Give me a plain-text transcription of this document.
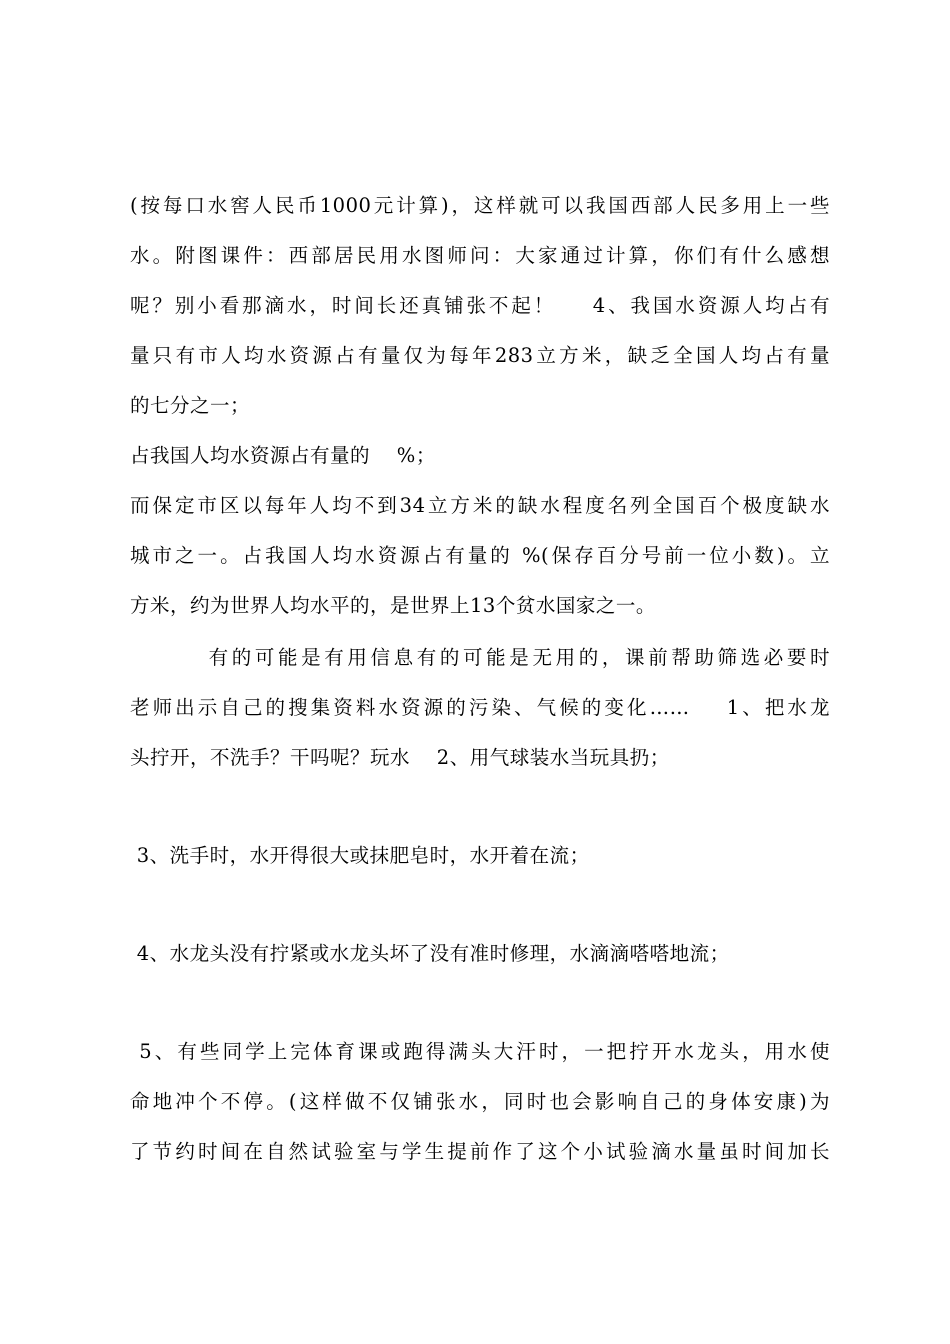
(按每口水窖人民币1000元计算)，这样就可以我国西部人民多用上一些
水。附图课件：西部居民用水图师问：大家通过计算，你们有什么感想
呢？别小看那滴水，时间长还真铺张不起！    4、我国水资源人均占有
量只有市人均水资源占有量仅为每年283立方米，缺乏全国人均占有量
的七分之一；
占我国人均水资源占有量的    %；
而保定市区以每年人均不到34立方米的缺水程度名列全国百个极度缺水
城市之一。占我国人均水资源占有量的 %(保存百分号前一位小数)。立
方米，约为世界人均水平的，是世界上13个贫水国家之一。
有的可能是有用信息有的可能是无用的，课前帮助筛选必要时
老师出示自己的搜集资料水资源的污染、气候的变化……    1、把水龙
头拧开，不洗手？干吗呢？玩水    2、用气球装水当玩具扔；
3、洗手时，水开得很大或抹肥皂时，水开着在流；
4、水龙头没有拧紧或水龙头坏了没有准时修理，水滴滴嗒嗒地流；
5、有些同学上完体育课或跑得满头大汗时，一把拧开水龙头，用水使
命地冲个不停。(这样做不仅铺张水，同时也会影响自己的身体安康)为
了节约时间在自然试验室与学生提前作了这个小试验滴水量虽时间加长
